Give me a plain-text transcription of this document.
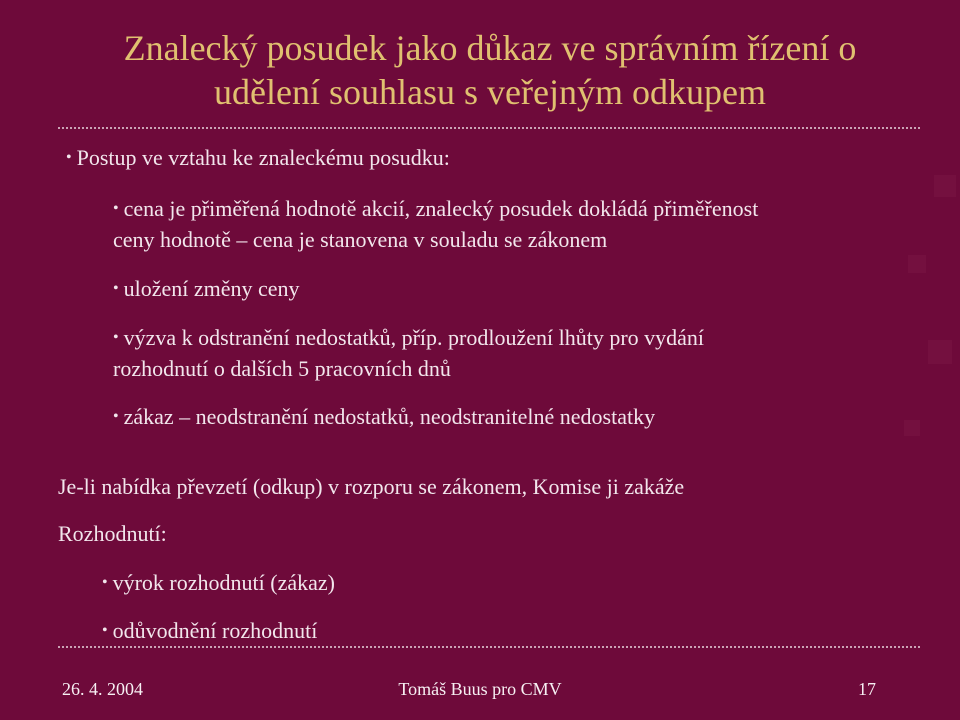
Znalecký posudek jako důkaz ve správním řízení o
udělení souhlasu s veřejným odkupem
• Postup ve vztahu ke znaleckému posudku:
• cena je přiměřená hodnotě akcií, znalecký posudek dokládá přiměřenost
ceny hodnotě – cena je stanovena v souladu se zákonem
• uložení změny ceny
• výzva k odstranění nedostatků, příp. prodloužení lhůty pro vydání
rozhodnutí o dalších 5 pracovních dnů
• zákaz – neodstranění nedostatků, neodstranitelné nedostatky
Je-li nabídka převzetí (odkup) v rozporu se zákonem, Komise ji zakáže
Rozhodnutí:
• výrok rozhodnutí (zákaz)
• odůvodnění rozhodnutí
26. 4. 2004	Tomáš Buus pro CMV	17
